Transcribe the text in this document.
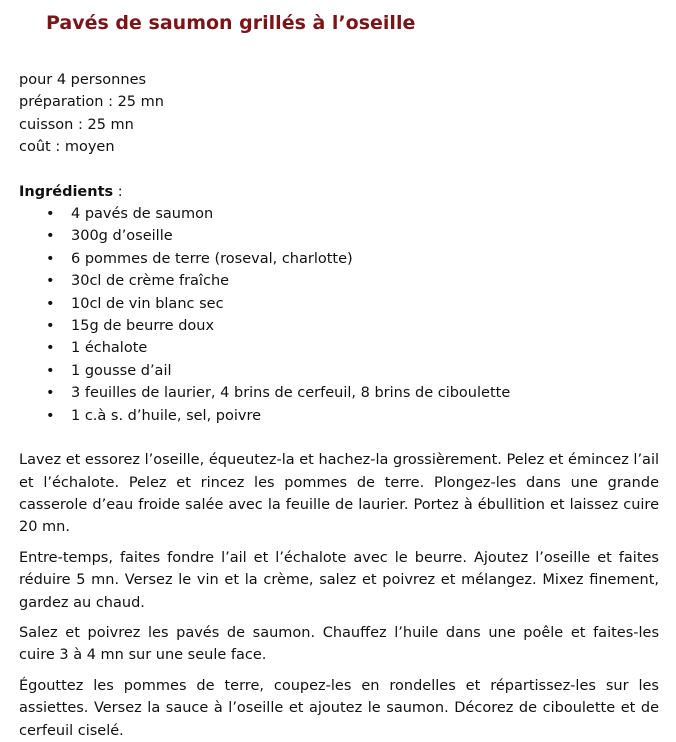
Pavés de saumon grillés à l’oseille
pour 4 personnes
préparation : 25 mn
cuisson : 25 mn
coût : moyen
Ingrédients :
• 4 pavés de saumon
• 300g d’oseille
• 6 pommes de terre (roseval, charlotte)
• 30cl de crème fraîche
• 10cl de vin blanc sec
• 15g de beurre doux
• 1 échalote
• 1 gousse d’ail
• 3 feuilles de laurier, 4 brins de cerfeuil, 8 brins de ciboulette
• 1 c.à s. d’huile, sel, poivre

Lavez et essorez l’oseille, équeutez-la et hachez-la grossièrement. Pelez et émincez l’ail et l’échalote. Pelez et rincez les pommes de terre. Plongez-les dans une grande casserole d’eau froide salée avec la feuille de laurier. Portez à ébullition et laissez cuire 20 mn.

Entre-temps, faites fondre l’ail et l’échalote avec le beurre. Ajoutez l’oseille et faites réduire 5 mn. Versez le vin et la crème, salez et poivrez et mélangez. Mixez finement, gardez au chaud.

Salez et poivrez les pavés de saumon. Chauffez l’huile dans une poêle et faites-les cuire 3 à 4 mn sur une seule face.

Égouttez les pommes de terre, coupez-les en rondelles et répartissez-les sur les assiettes. Versez la sauce à l’oseille et ajoutez le saumon. Décorez de ciboulette et de cerfeuil ciselé.
